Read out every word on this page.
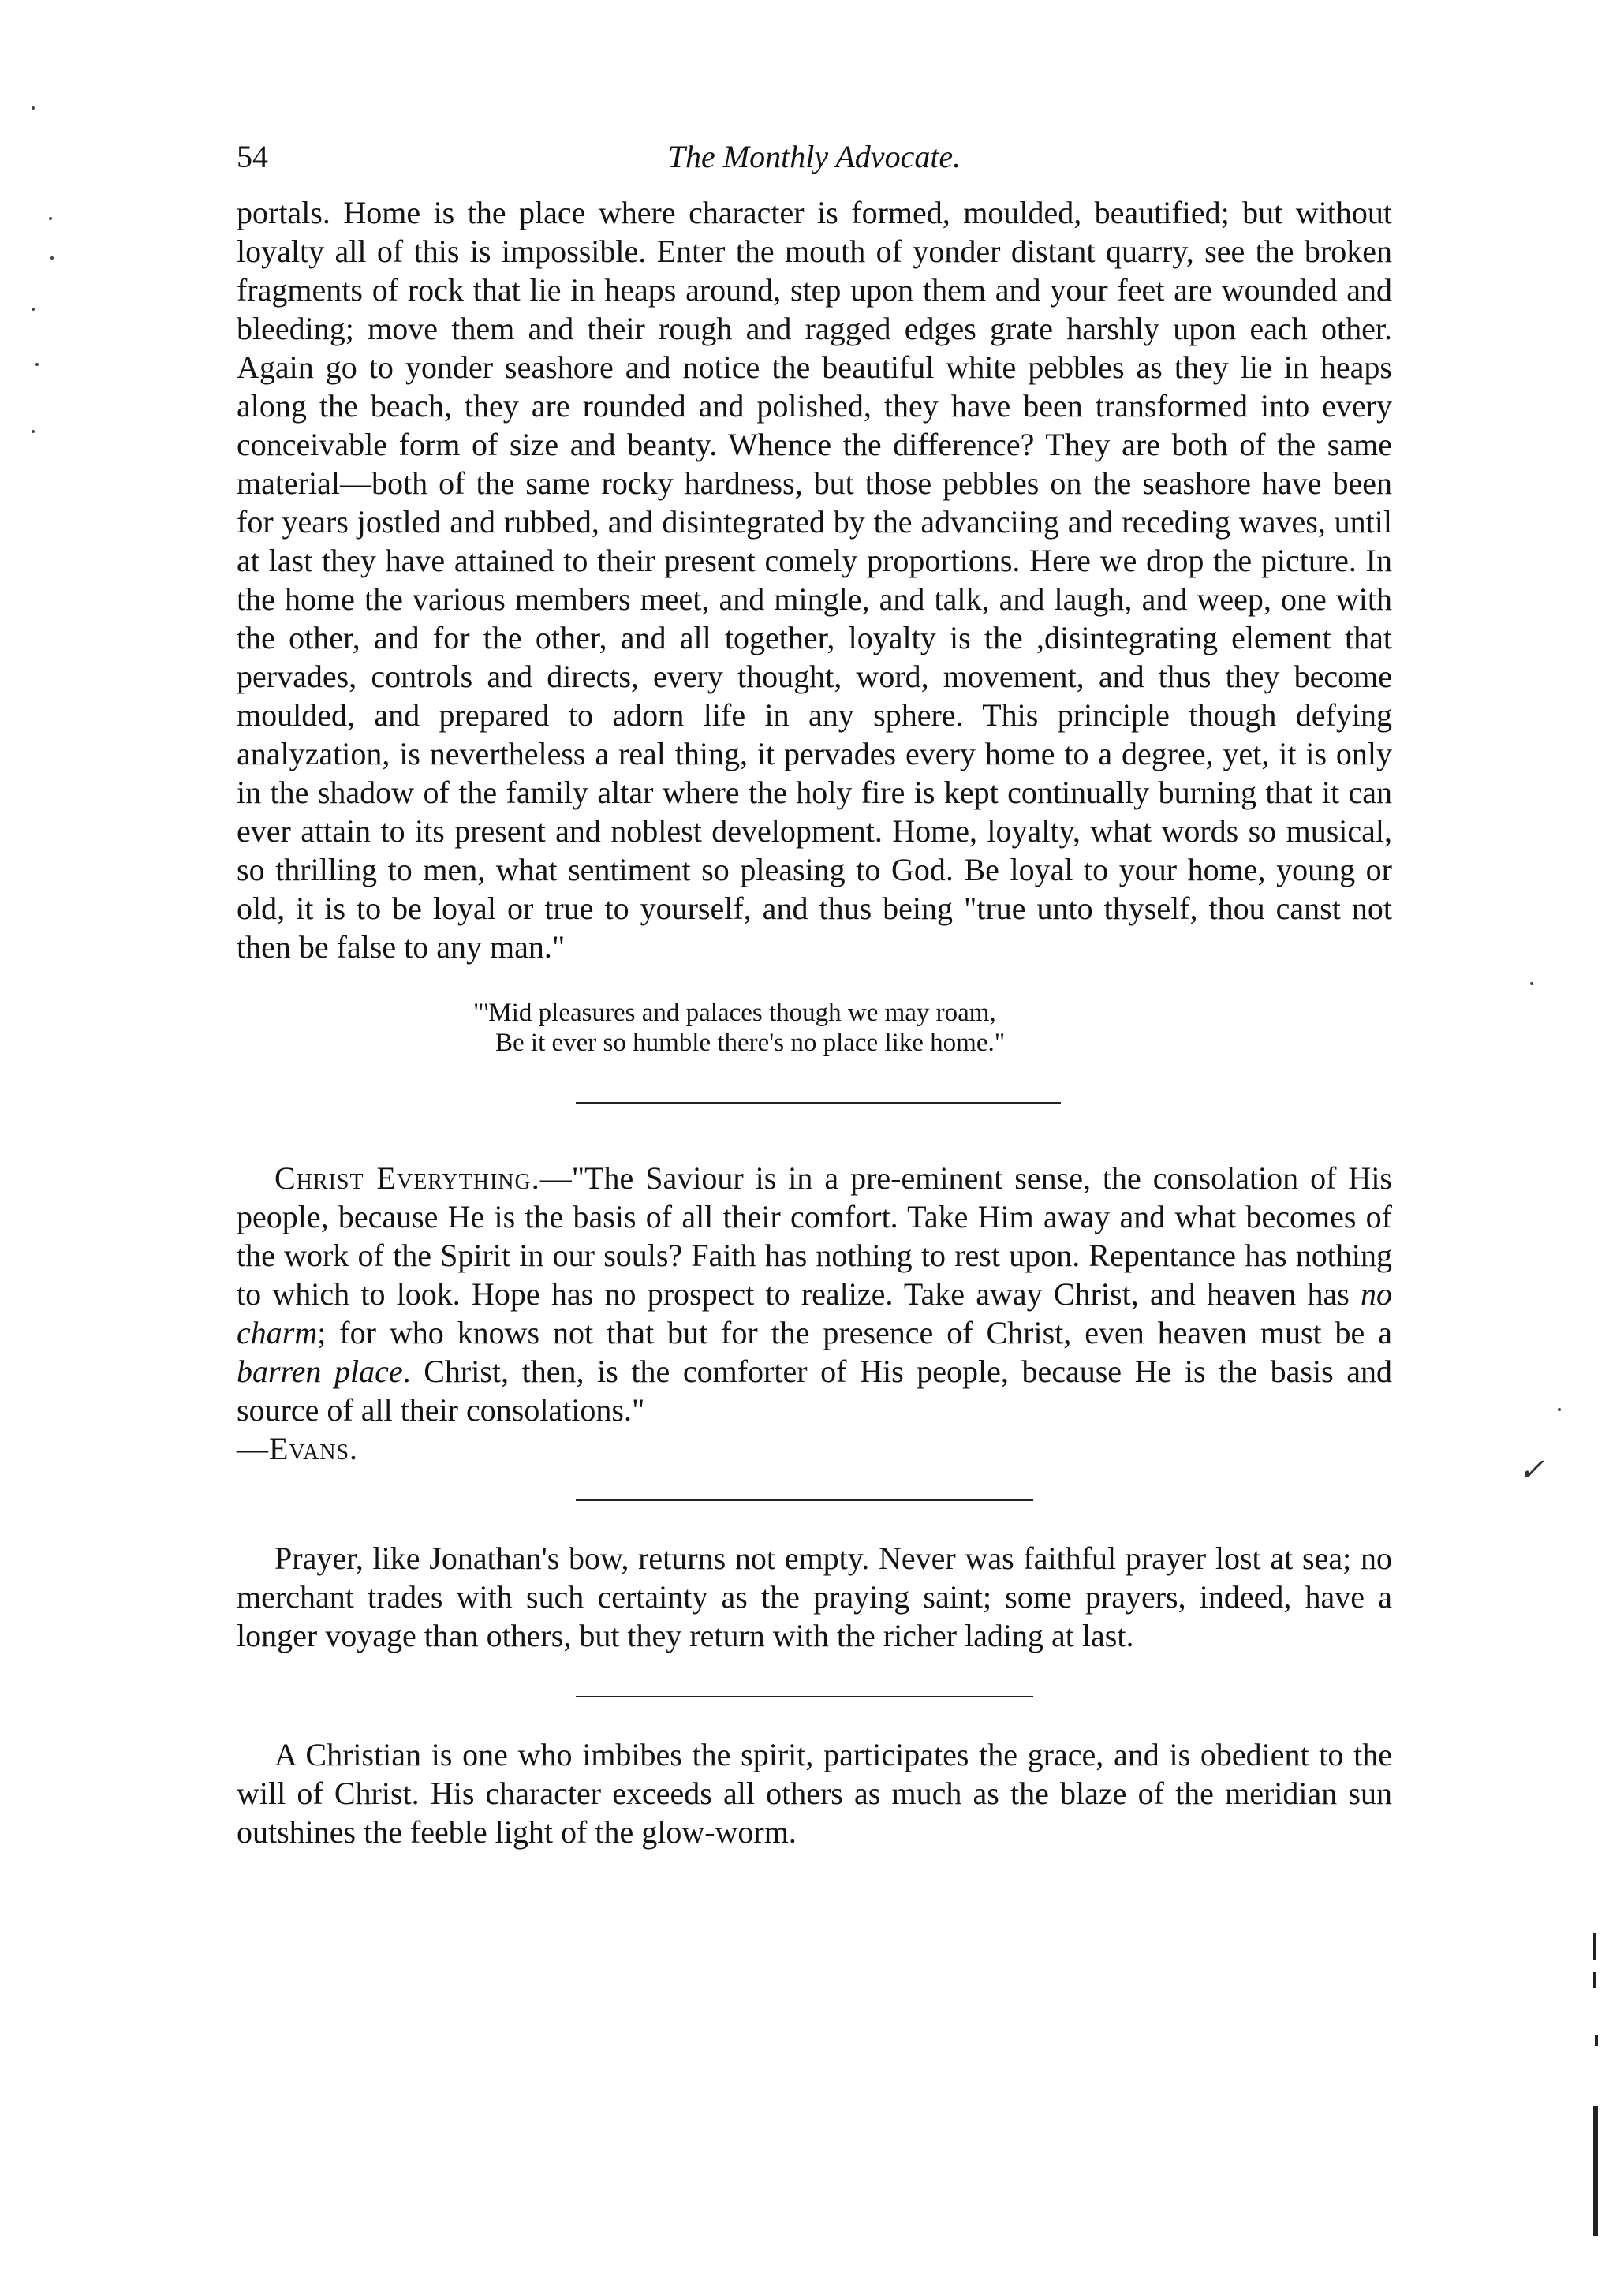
54	The Monthly Advocate.

portals. Home is the place where character is formed, moulded, beautified; but without loyalty all of this is impossible. Enter the mouth of yonder distant quarry, see the broken fragments of rock that lie in heaps around, step upon them and your feet are wounded and bleeding; move them and their rough and ragged edges grate harshly upon each other. Again go to yonder seashore and notice the beautiful white pebbles as they lie in heaps along the beach, they are rounded and polished, they have been transformed into every conceivable form of size and beanty. Whence the difference? They are both of the same material—both of the same rocky hardness, but those pebbles on the seashore have been for years jostled and rubbed, and disintegrated by the advanciing and receding waves, until at last they have attained to their present comely proportions. Here we drop the picture. In the home the various members meet, and mingle, and talk, and laugh, and weep, one with the other, and for the other, and all together, loyalty is the ,disintegrating element that pervades, controls and directs, every thought, word, movement, and thus they become moulded, and prepared to adorn life in any sphere. This principle though defying analyzation, is nevertheless a real thing, it pervades every home to a degree, yet, it is only in the shadow of the family altar where the holy fire is kept continually burning that it can ever attain to its present and noblest development. Home, loyalty, what words so musical, so thrilling to men, what sentiment so pleasing to God. Be loyal to your home, young or old, it is to be loyal or true to yourself, and thus being "true unto thyself, thou canst not then be false to any man."

"'Mid pleasures and palaces though we may roam,
Be it ever so humble there's no place like home."

Christ Everything.—"The Saviour is in a pre-eminent sense, the consolation of His people, because He is the basis of all their comfort. Take Him away and what becomes of the work of the Spirit in our souls? Faith has nothing to rest upon. Repentance has nothing to which to look. Hope has no prospect to realize. Take away Christ, and heaven has no charm; for who knows not that but for the presence of Christ, even heaven must be a barren place. Christ, then, is the comforter of His people, because He is the basis and source of all their consolations."
—Evans.

Prayer, like Jonathan's bow, returns not empty. Never was faithful prayer lost at sea; no merchant trades with such certainty as the praying saint; some prayers, indeed, have a longer voyage than others, but they return with the richer lading at last.

A Christian is one who imbibes the spirit, participates the grace, and is obedient to the will of Christ. His character exceeds all others as much as the blaze of the meridian sun outshines the feeble light of the glow-worm.

✓
